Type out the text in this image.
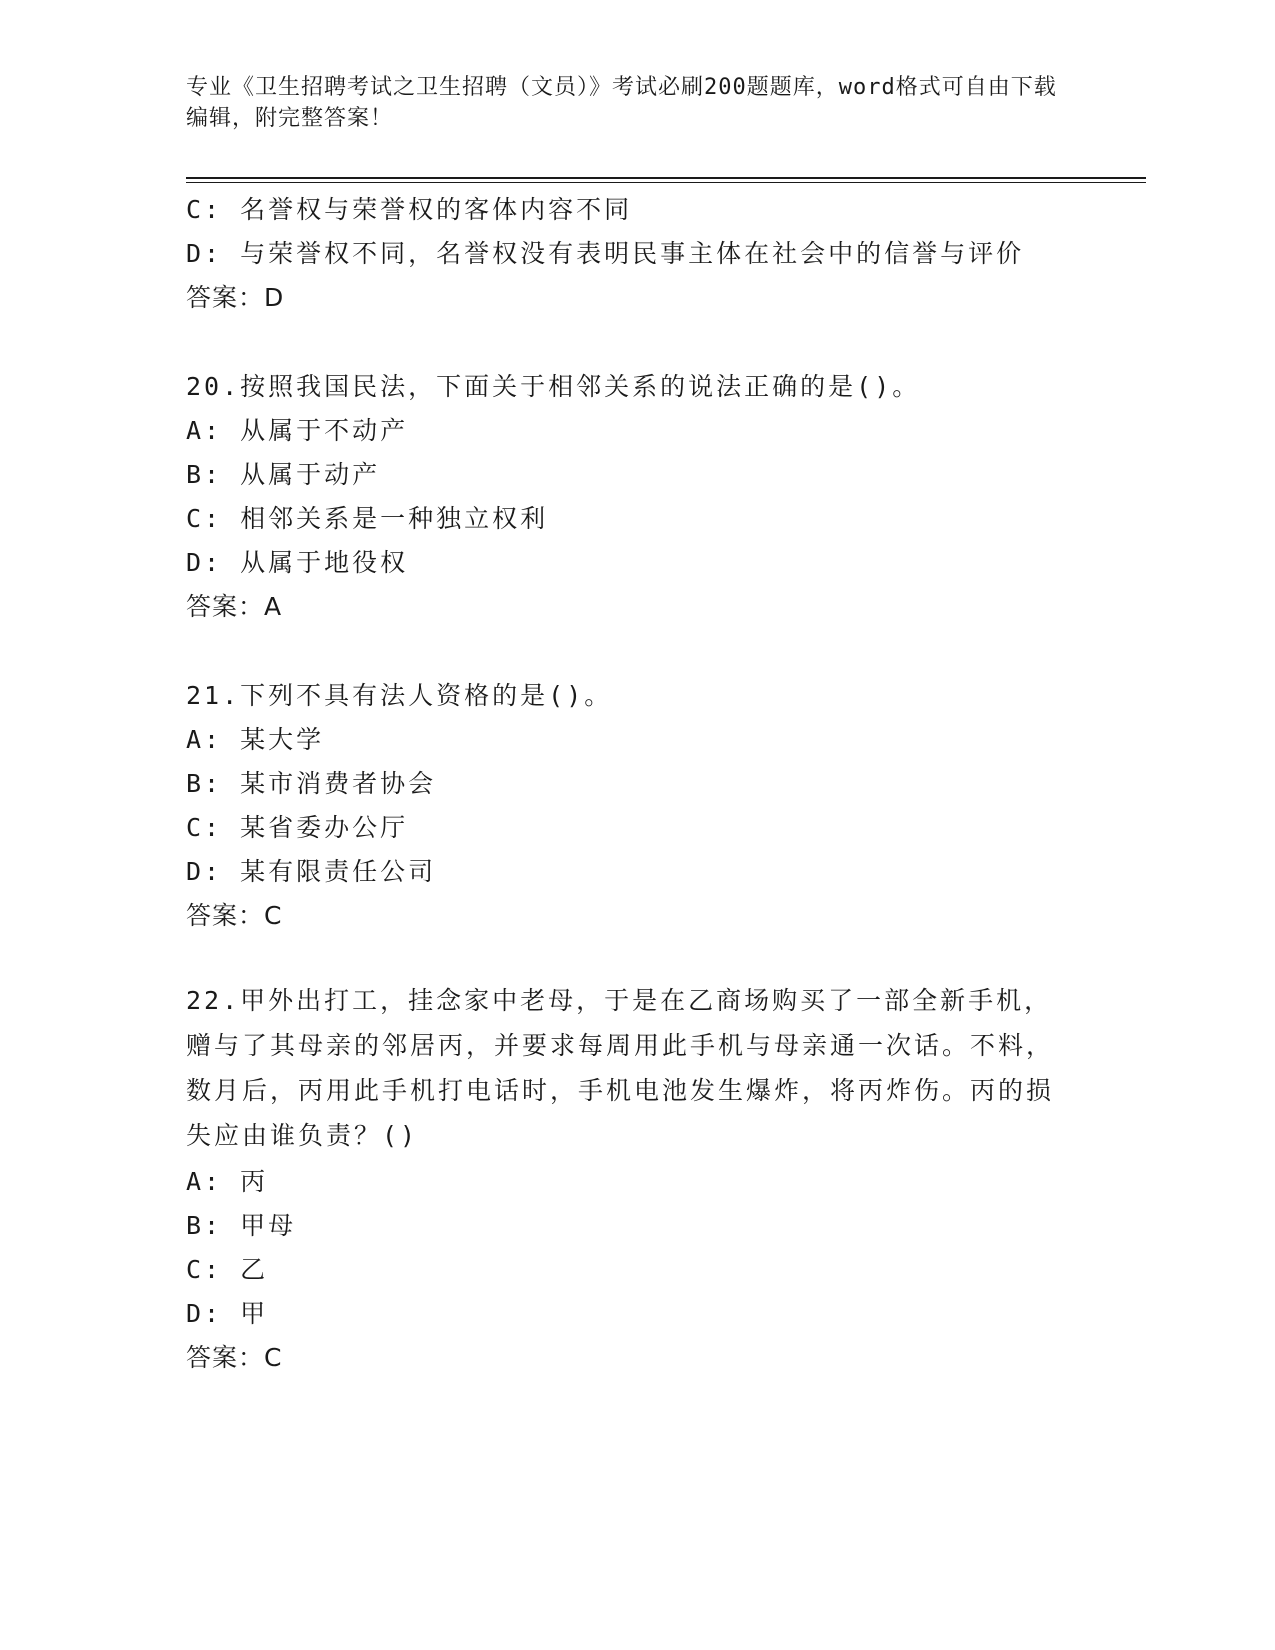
专业《卫生招聘考试之卫生招聘（文员）》考试必刷200题题库，word格式可自由下载编辑，附完整答案！
C: 名誉权与荣誉权的客体内容不同
D: 与荣誉权不同，名誉权没有表明民事主体在社会中的信誉与评价
答案：D
20.按照我国民法，下面关于相邻关系的说法正确的是()。
A: 从属于不动产
B: 从属于动产
C: 相邻关系是一种独立权利
D: 从属于地役权
答案：A
21.下列不具有法人资格的是()。
A: 某大学
B: 某市消费者协会
C: 某省委办公厅
D: 某有限责任公司
答案：C
22.甲外出打工，挂念家中老母，于是在乙商场购买了一部全新手机，赠与了其母亲的邻居丙，并要求每周用此手机与母亲通一次话。不料，数月后，丙用此手机打电话时，手机电池发生爆炸，将丙炸伤。丙的损失应由谁负责？()
A: 丙
B: 甲母
C: 乙
D: 甲
答案：C
